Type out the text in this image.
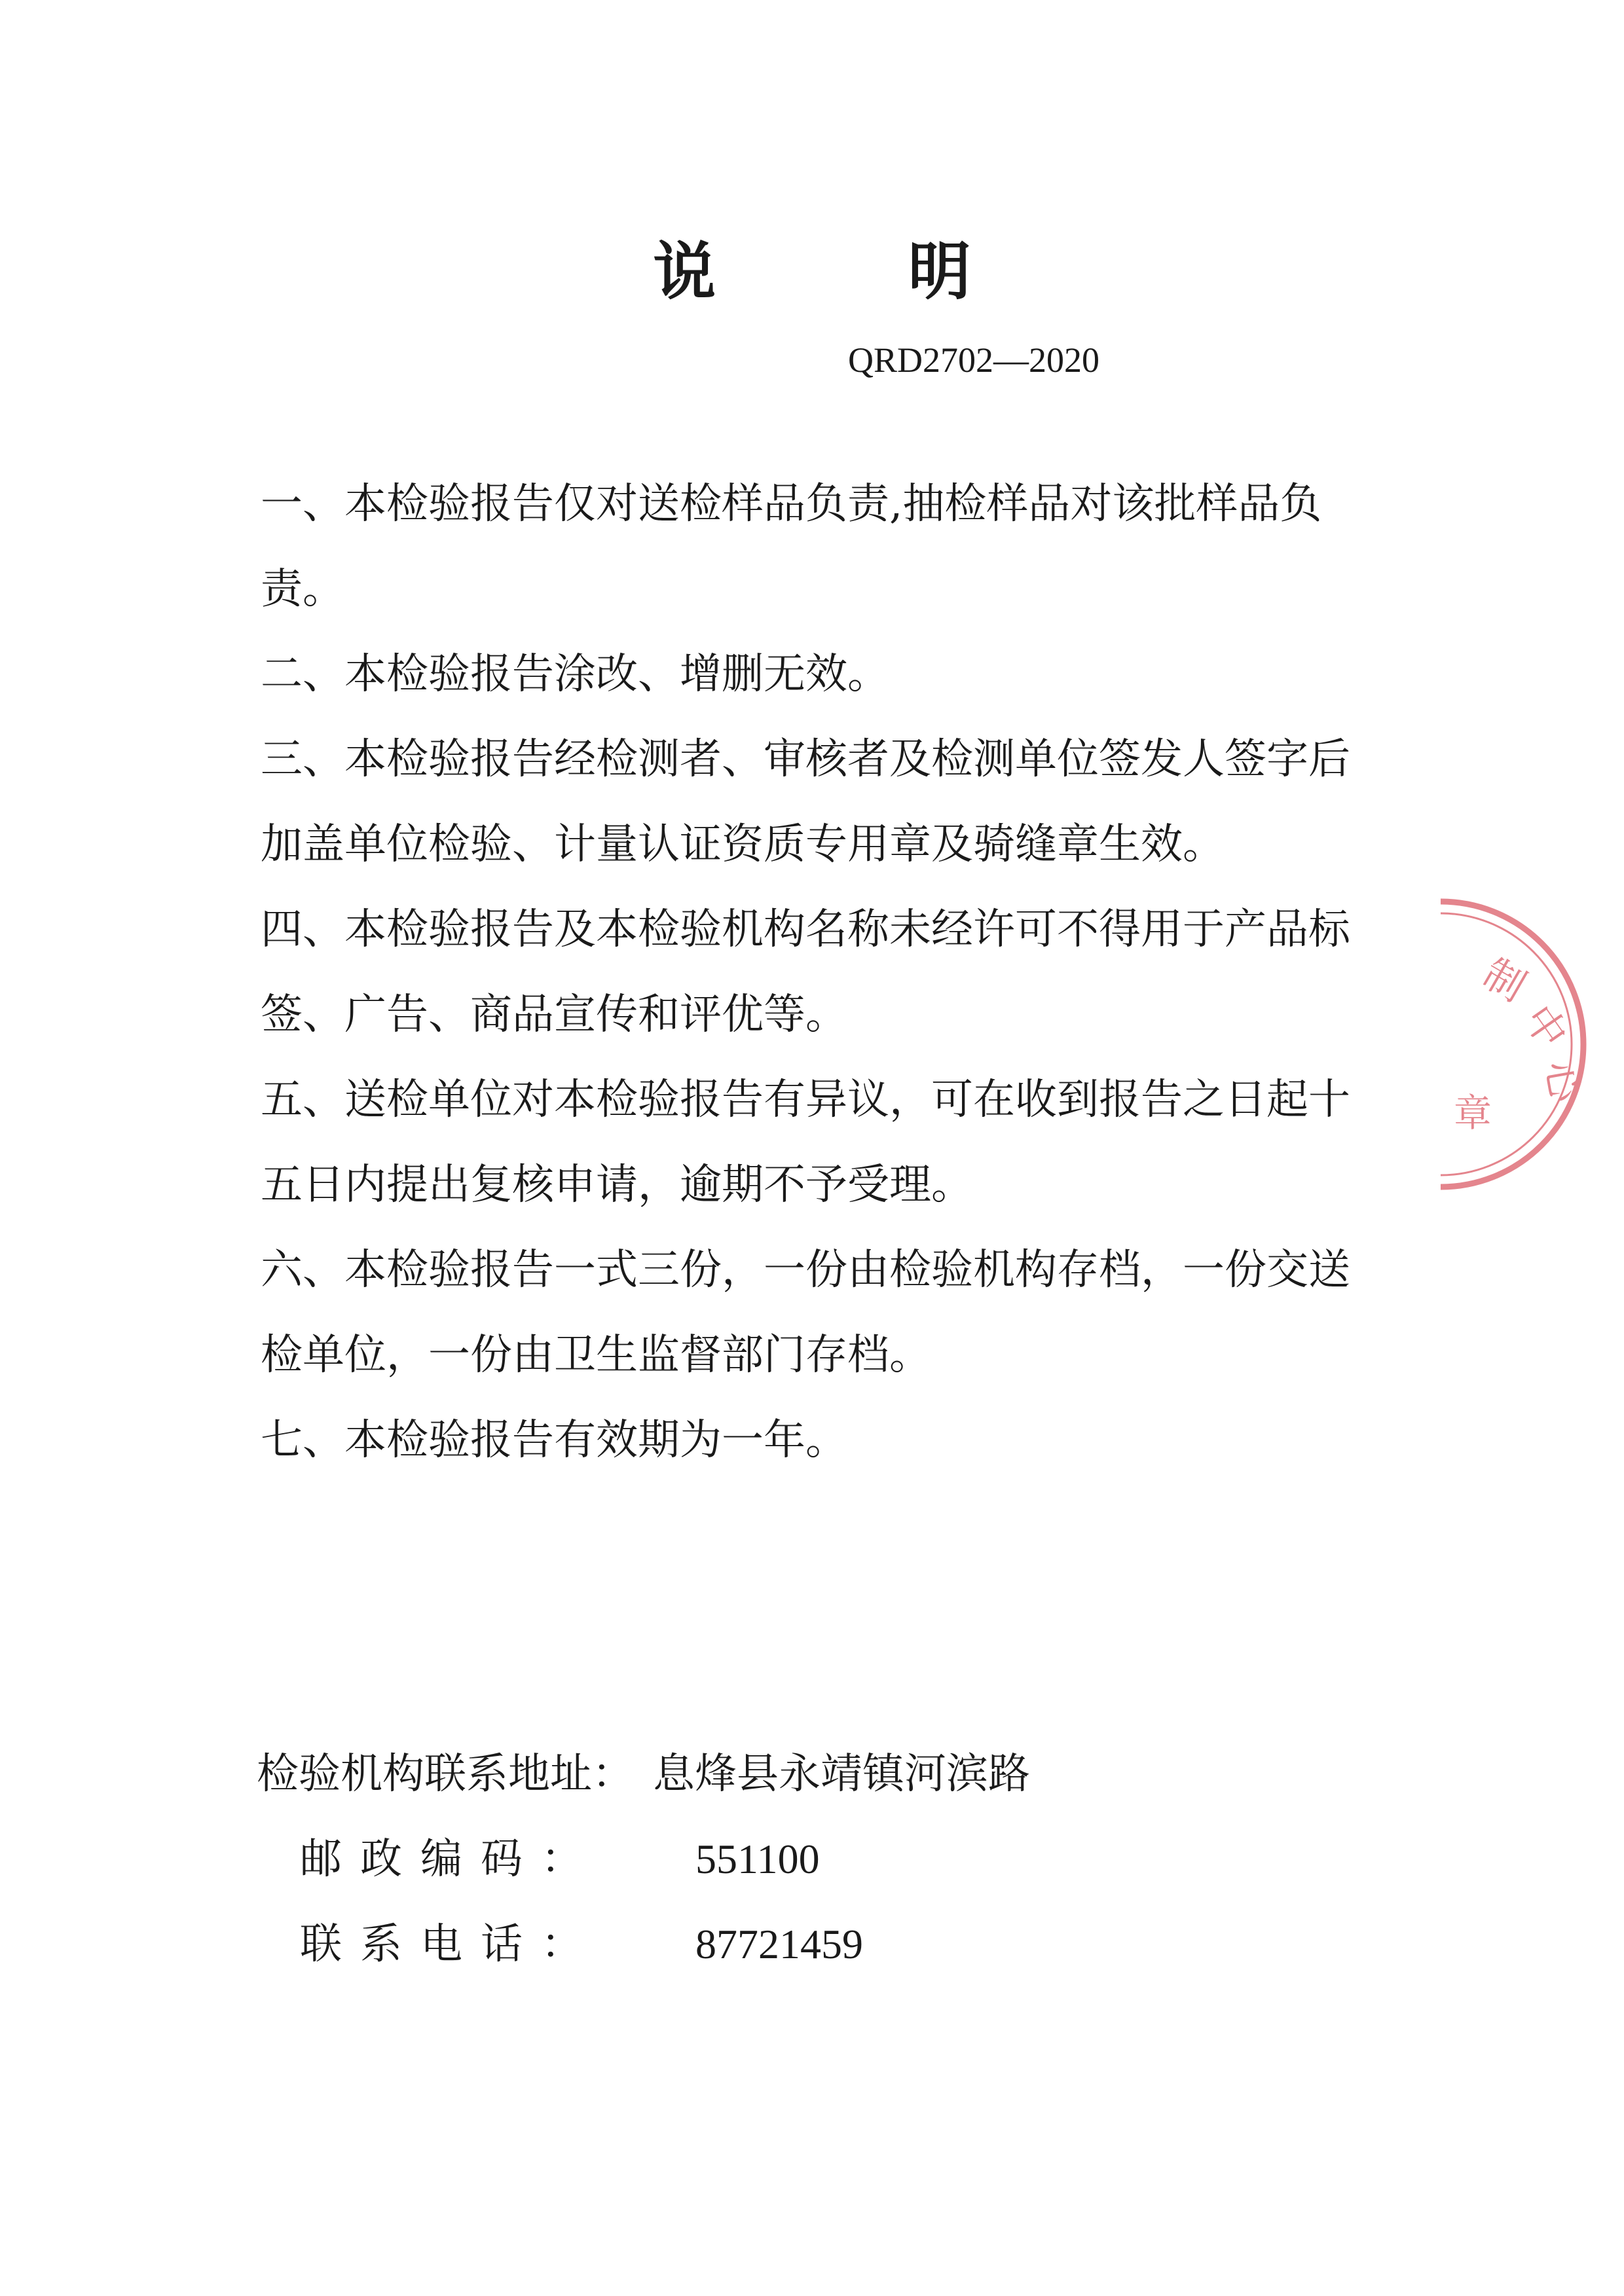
说 明
QRD2702—2020

一、本检验报告仅对送检样品负责,抽检样品对该批样品负责。

二、本检验报告涂改、增删无效。

三、本检验报告经检测者、审核者及检测单位签发人签字后加盖单位检验、计量认证资质专用章及骑缝章生效。

四、本检验报告及本检验机构名称未经许可不得用于产品标签、广告、商品宣传和评优等。

五、送检单位对本检验报告有异议，可在收到报告之日起十五日内提出复核申请，逾期不予受理。

六、本检验报告一式三份，一份由检验机构存档，一份交送检单位，一份由卫生监督部门存档。

七、本检验报告有效期为一年。

检验机构联系地址： 息烽县永靖镇河滨路
邮政编码： 551100
联系电话： 87721459
制
中
心
章
